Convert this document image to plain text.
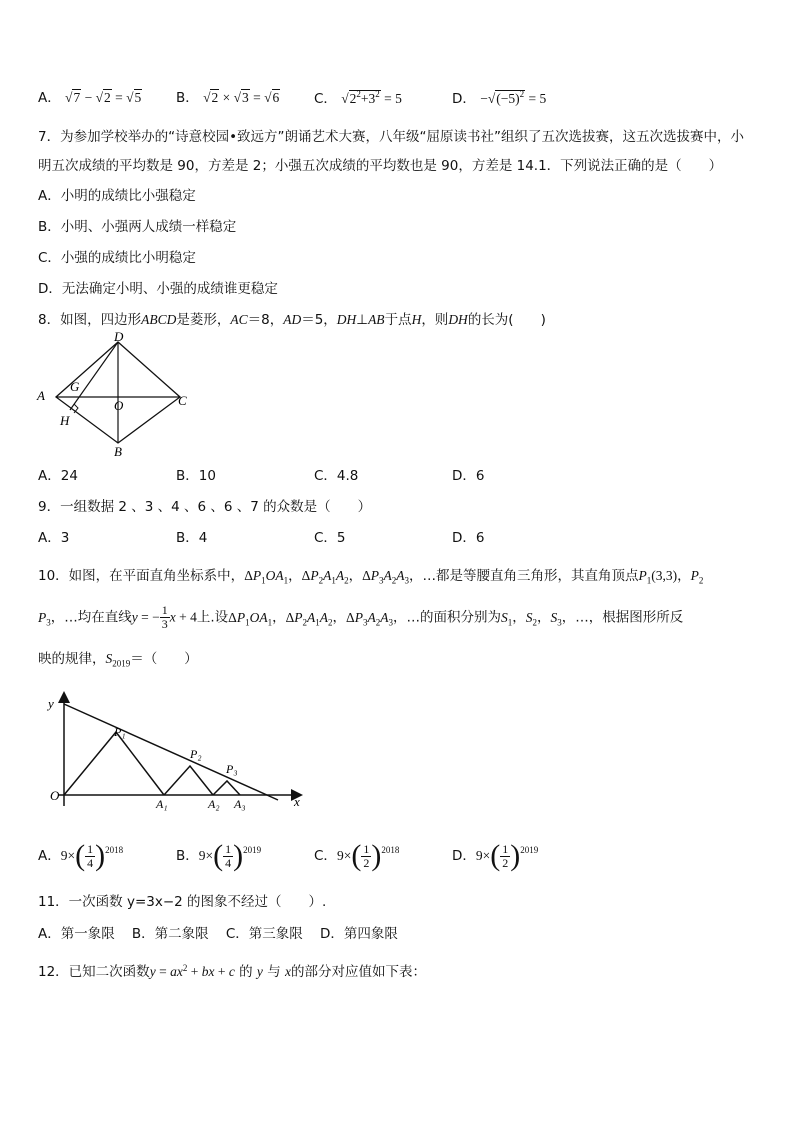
A． √7 − √2 = √5	B． √2 × √3 = √6	C． $√2^2+3^2 = 5$	D． $-√(-5)^2 = 5$
7．为参加学校举办的“诗意校园•致远方”朗诵艺术大赛，八年级“屈原读书社”组织了五次选拔赛，这五次选拔赛中，小
明五次成绩的平均数是 90，方差是 2；小强五次成绩的平均数也是 90，方差是 14.1．下列说法正确的是（　　）
A．小明的成绩比小强稳定
B．小明、小强两人成绩一样稳定
C．小强的成绩比小明稳定
D．无法确定小明、小强的成绩谁更稳定
8．如图，四边形ABCD是菱形，AC＝8，AD＝5，DH⊥AB于点H，则DH的长为(　　)
D
A	C
B
G
O
H
A．24	B．10	C．4.8	D．6
9．一组数据 2 、3 、4 、6 、6 、7 的众数是（　　）
A．3	B．4	C．5	D．6
10．如图，在平面直角坐标系中，$\Delta P_1OA_1$，$\Delta P_2A_1A_2$，$\Delta P_3A_2A_3$，…都是等腰直角三角形，其直角顶点$P_1(3,3)$，$P_2$
$P_3$，…均在直线y = − $\frac{1}{3}$ x + 4上.设$\Delta P_1OA_1$，$\Delta P_2A_1A_2$，$\Delta P_3A_2A_3$，…的面积分别为$S_1$，$S_2$，$S_3$，…，根据图形所反
映的规律，$S_{2019}=$（　　）
y
x
O
P₁
P₂
P₃
A₁	A₂ A₃
A．$9\times( \frac{1}{4} )^{2018}$	B．$9\times( \frac{1}{4} )^{2019}$	C．$9\times( \frac{1}{2} )^{2018}$	D．$9\times( \frac{1}{2} )^{2019}$
11．一次函数 y=3x−2 的图象不经过（　　）.
A．第一象限 B．第二象限 C．第三象限 D．第四象限
12．已知二次函数$y = ax^2$ + bx + c 的 y 与 x的部分对应值如下表：
